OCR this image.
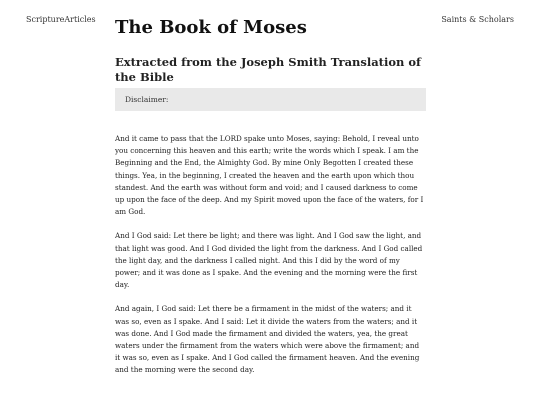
ScriptureArticles	Saints & Scholars
The Book of Moses
Extracted from the Joseph Smith Translation of the Bible
Disclaimer:

And it came to pass that the LORD spake unto Moses, saying: Behold, I reveal unto you concerning this heaven and this earth; write the words which I speak. I am the Beginning and the End, the Almighty God. By mine Only Begotten I created these things. Yea, in the beginning, I created the heaven and the earth upon which thou standest. And the earth was without form and void; and I caused darkness to come up upon the face of the deep. And my Spirit moved upon the face of the waters, for I am God.

And I God said: Let there be light; and there was light. And I God saw the light, and that light was good. And I God divided the light from the darkness. And I God called the light day, and the darkness I called night. And this I did by the word of my power; and it was done as I spake. And the evening and the morning were the first day.

And again, I God said: Let there be a firmament in the midst of the waters; and it was so, even as I spake. And I said: Let it divide the waters from the waters; and it was done. And I God made the firmament and divided the waters, yea, the great waters under the firmament from the waters which were above the firmament; and it was so, even as I spake. And I God called the firmament heaven. And the evening and the morning were the second day.
